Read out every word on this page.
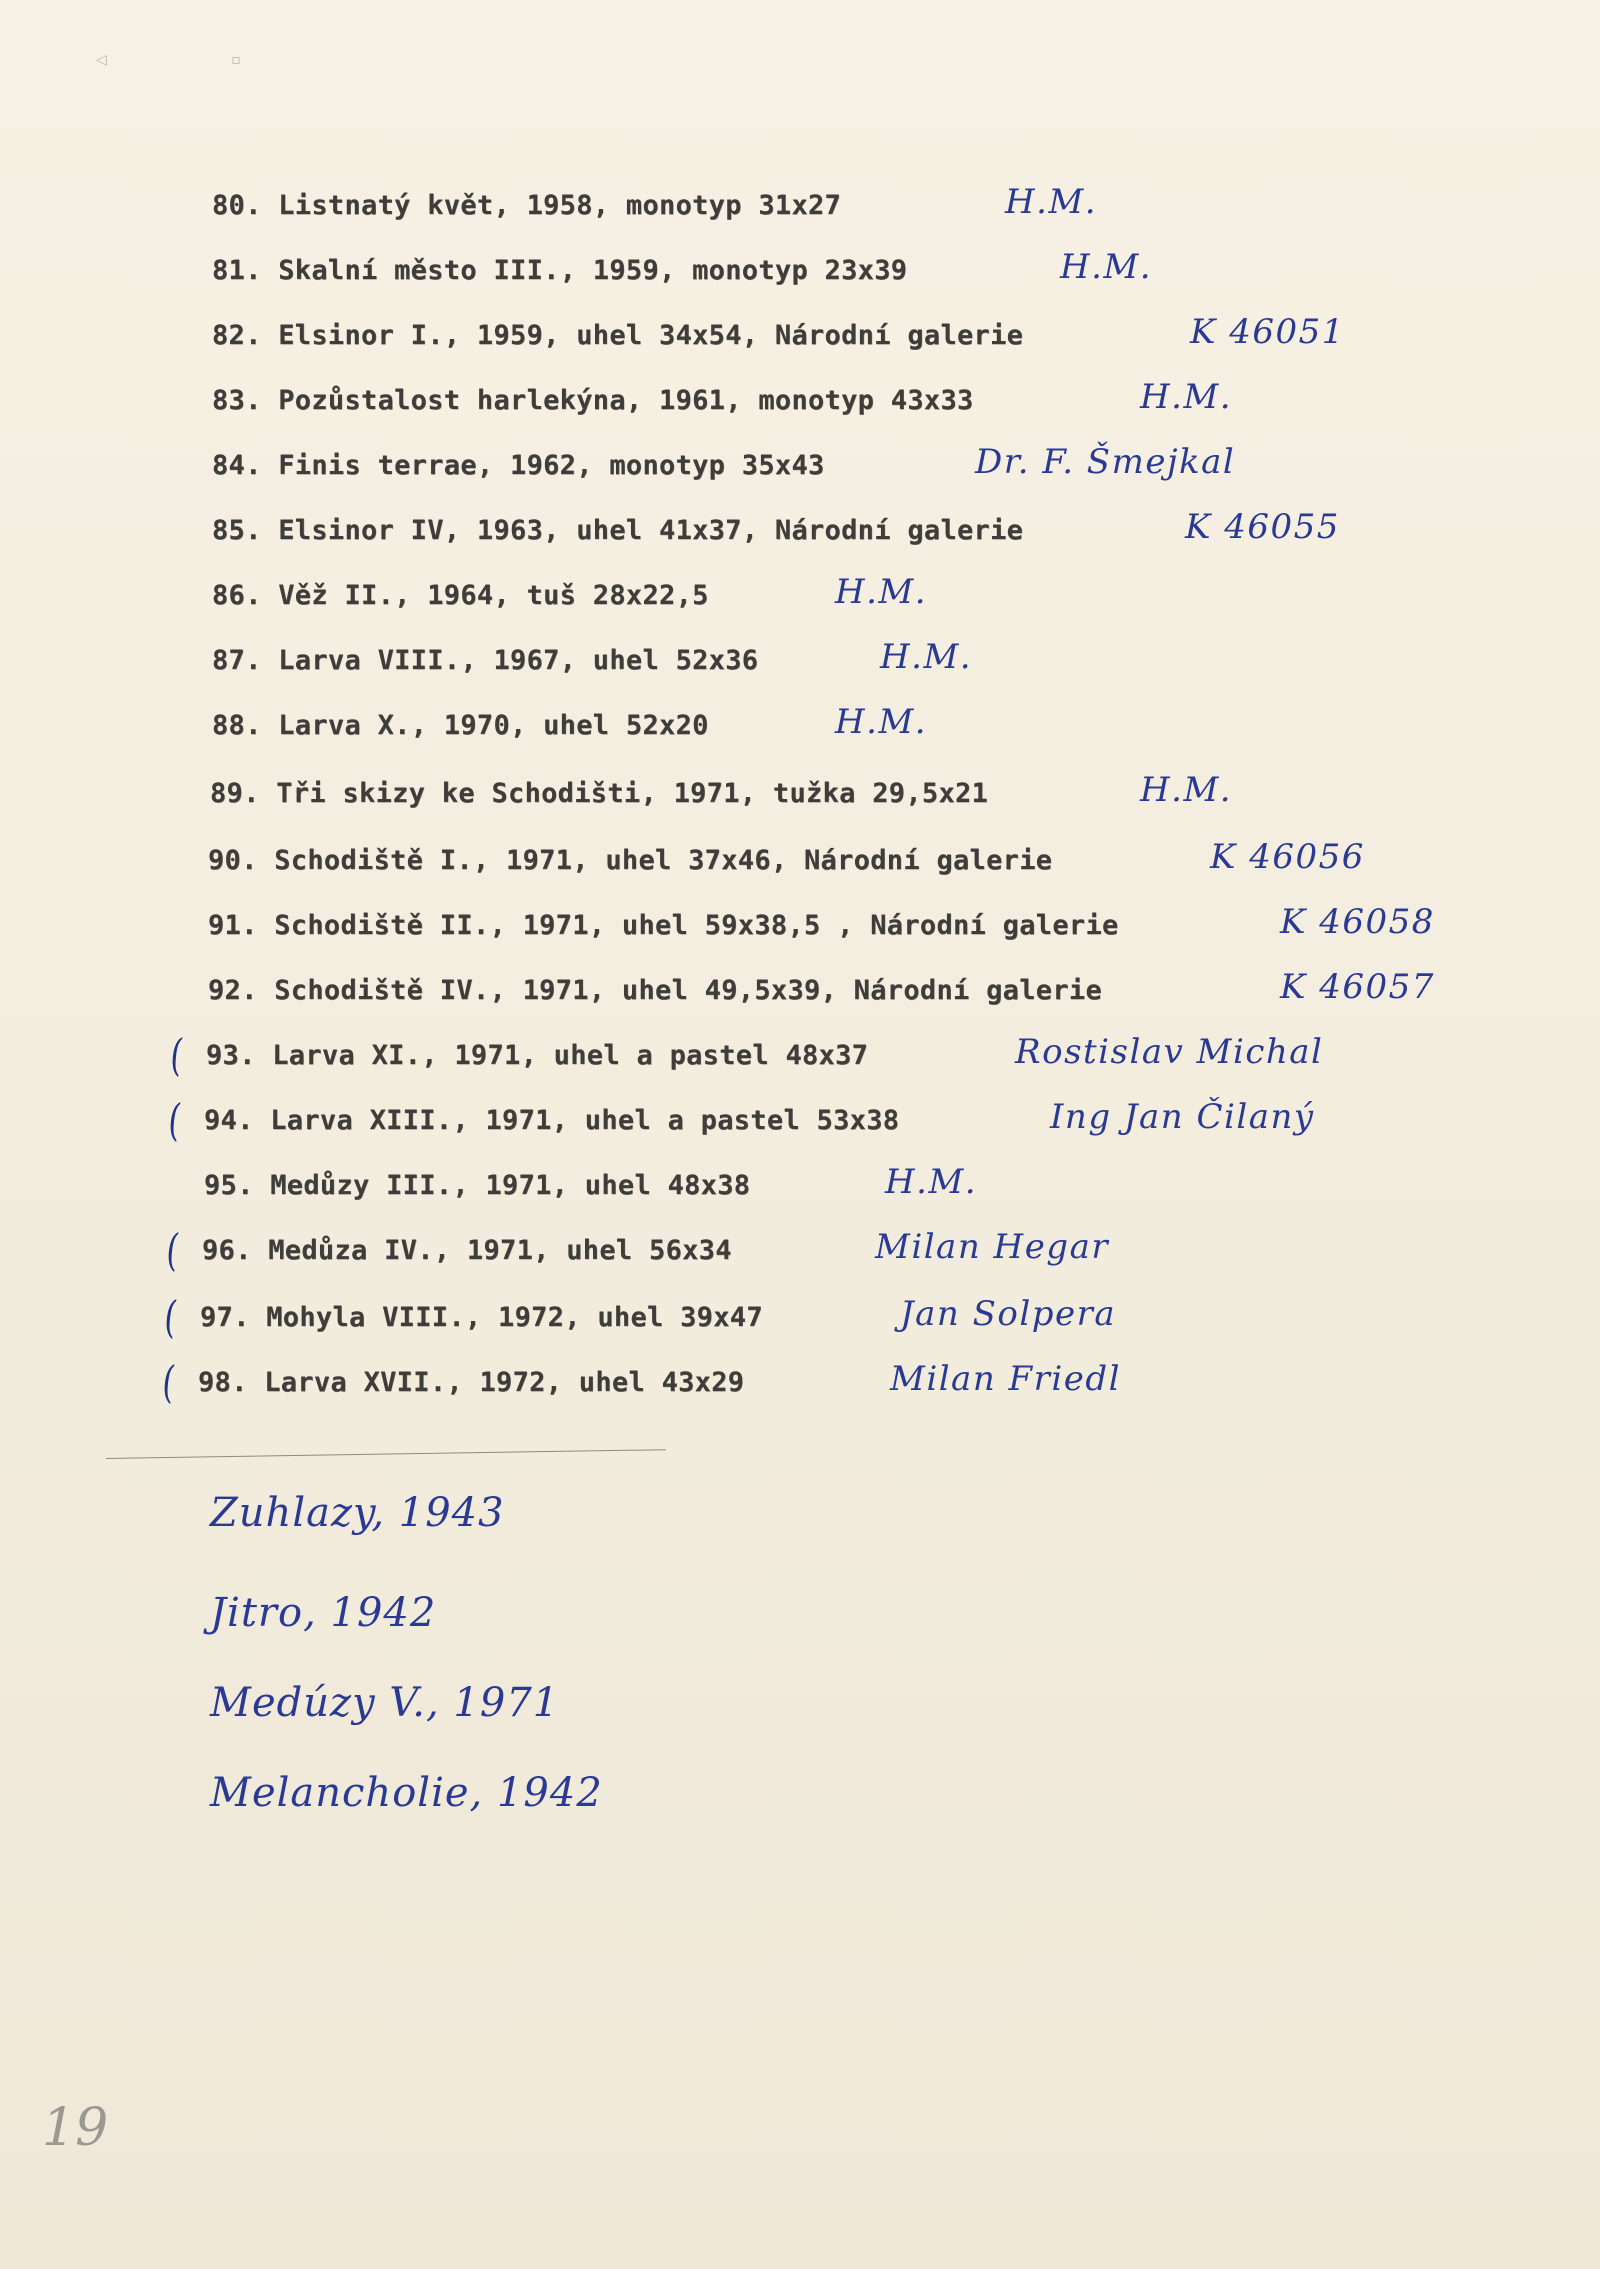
◁ ▫
80. Listnatý květ, 1958, monotyp 31x27	H.M.
81. Skalní město III., 1959, monotyp 23x39	H.M.
82. Elsinor I., 1959, uhel 34x54, Národní galerie	K 46051
83. Pozůstalost harlekýna, 1961, monotyp 43x33	H.M.
84. Finis terrae, 1962, monotyp 35x43	Dr. F. Šmejkal
85. Elsinor IV, 1963, uhel 41x37, Národní galerie	K 46055
86. Věž II., 1964, tuš 28x22,5	H.M.
87. Larva VIII., 1967, uhel 52x36	H.M.
88. Larva X., 1970, uhel 52x20	H.M.
89. Tři skizy ke Schodišti, 1971, tužka 29,5x21	H.M.
90. Schodiště I., 1971, uhel 37x46, Národní galerie	K 46056
91. Schodiště II., 1971, uhel 59x38,5 , Národní galerie	K 46058
92. Schodiště IV., 1971, uhel 49,5x39, Národní galerie	K 46057
( 93. Larva XI., 1971, uhel a pastel 48x37	Rostislav Michal
( 94. Larva XIII., 1971, uhel a pastel 53x38	Ing Jan Čilaný
95. Medůzy III., 1971, uhel 48x38	H.M.
( 96. Medůza IV., 1971, uhel 56x34	Milan Hegar
( 97. Mohyla VIII., 1972, uhel 39x47	Jan Solpera
( 98. Larva XVII., 1972, uhel 43x29	Milan Friedl
Zuhlazy, 1943
Jitro, 1942
Medúzy V., 1971
Melancholie, 1942
19
